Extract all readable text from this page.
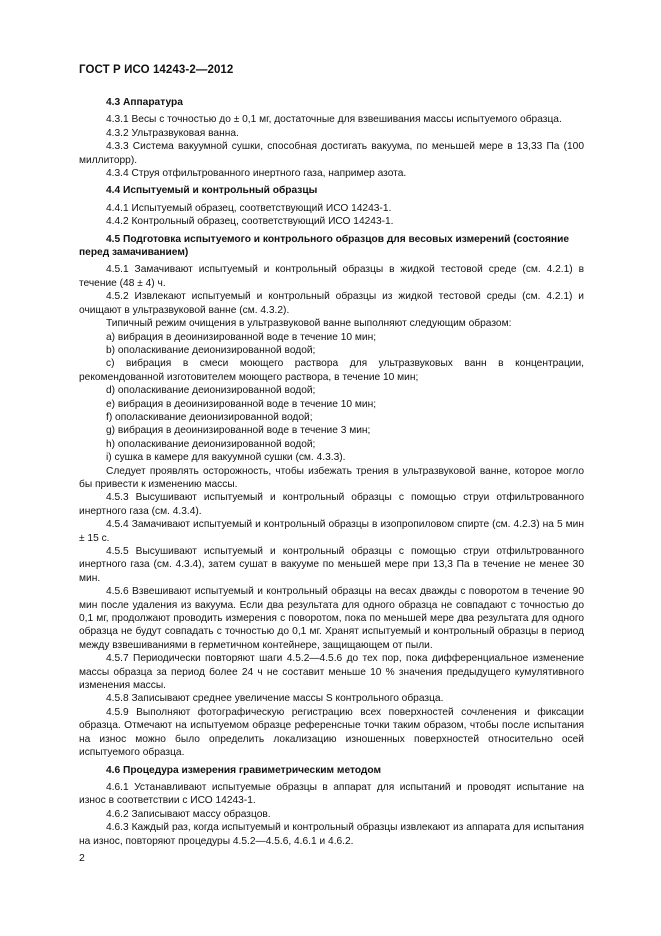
ГОСТ Р ИСО 14243-2—2012
4.3 Аппаратура
4.3.1 Весы с точностью до ± 0,1 мг, достаточные для взвешивания массы испытуемого образца.
4.3.2 Ультразвуковая ванна.
4.3.3 Система вакуумной сушки, способная достигать вакуума, по меньшей мере в 13,33 Па (100 миллиторр).
4.3.4 Струя отфильтрованного инертного газа, например азота.
4.4 Испытуемый и контрольный образцы
4.4.1 Испытуемый образец, соответствующий ИСО 14243-1.
4.4.2 Контрольный образец, соответствующий ИСО 14243-1.
4.5 Подготовка испытуемого и контрольного образцов для весовых измерений (состояние перед замачиванием)
4.5.1 Замачивают испытуемый и контрольный образцы в жидкой тестовой среде (см. 4.2.1) в течение (48 ± 4) ч.
4.5.2 Извлекают испытуемый и контрольный образцы из жидкой тестовой среды (см. 4.2.1) и очищают в ультразвуковой ванне (см. 4.3.2).
Типичный режим очищения в ультразвуковой ванне выполняют следующим образом:
a) вибрация в деоинизированной воде в течение 10 мин;
b) ополаскивание деионизированной водой;
c) вибрация в смеси моющего раствора для ультразвуковых ванн в концентрации, рекомендованной изготовителем моющего раствора, в течение 10 мин;
d) ополаскивание деионизированной водой;
e) вибрация в деоинизированной воде в течение 10 мин;
f) ополаскивание деионизированной водой;
g) вибрация в деоинизированной воде в течение 3 мин;
h) ополаскивание деионизированной водой;
i) сушка в камере для вакуумной сушки (см. 4.3.3).
Следует проявлять осторожность, чтобы избежать трения в ультразвуковой ванне, которое могло бы привести к изменению массы.
4.5.3 Высушивают испытуемый и контрольный образцы с помощью струи отфильтрованного инертного газа (см. 4.3.4).
4.5.4 Замачивают испытуемый и контрольный образцы в изопропиловом спирте (см. 4.2.3) на 5 мин ± 15 с.
4.5.5 Высушивают испытуемый и контрольный образцы с помощью струи отфильтрованного инертного газа (см. 4.3.4), затем сушат в вакууме по меньшей мере при 13,3 Па в течение не менее 30 мин.
4.5.6 Взвешивают испытуемый и контрольный образцы на весах дважды с поворотом в течение 90 мин после удаления из вакуума. Если два результата для одного образца не совпадают с точностью до 0,1 мг, продолжают проводить измерения с поворотом, пока по меньшей мере два результата для одного образца не будут совпадать с точностью до 0,1 мг. Хранят испытуемый и контрольный образцы в период между взвешиваниями в герметичном контейнере, защищающем от пыли.
4.5.7 Периодически повторяют шаги 4.5.2—4.5.6 до тех пор, пока дифференциальное изменение массы образца за период более 24 ч не составит меньше 10 % значения предыдущего кумулятивного изменения массы.
4.5.8 Записывают среднее увеличение массы S контрольного образца.
4.5.9 Выполняют фотографическую регистрацию всех поверхностей сочленения и фиксации образца. Отмечают на испытуемом образце референсные точки таким образом, чтобы после испытания на износ можно было определить локализацию изношенных поверхностей относительно осей испытуемого образца.
4.6 Процедура измерения гравиметрическим методом
4.6.1 Устанавливают испытуемые образцы в аппарат для испытаний и проводят испытание на износ в соответствии с ИСО 14243-1.
4.6.2 Записывают массу образцов.
4.6.3 Каждый раз, когда испытуемый и контрольный образцы извлекают из аппарата для испытания на износ, повторяют процедуры 4.5.2—4.5.6, 4.6.1 и 4.6.2.
2
